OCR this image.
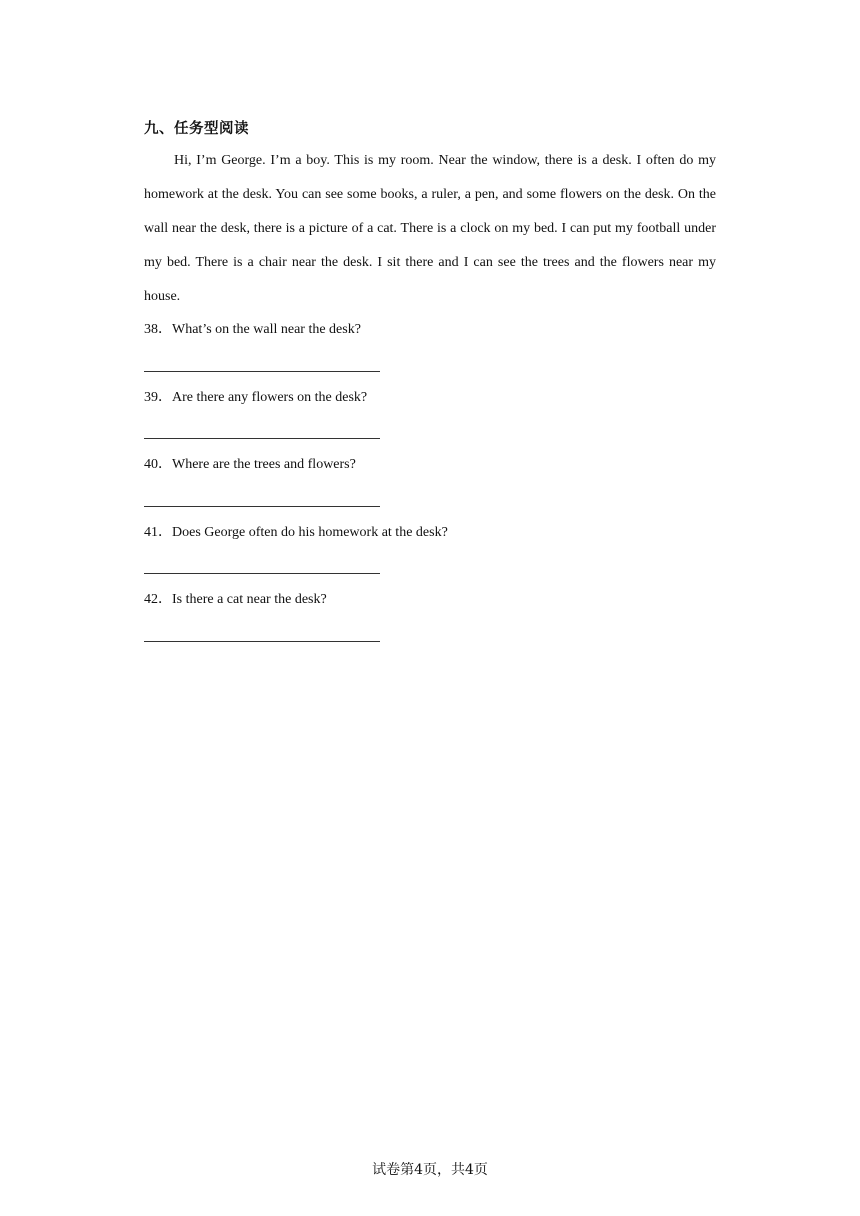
九、任务型阅读

Hi, I’m George. I’m a boy. This is my room. Near the window, there is a desk. I often do my homework at the desk. You can see some books, a ruler, a pen, and some flowers on the desk. On the wall near the desk, there is a picture of a cat. There is a clock on my bed. I can put my football under my bed. There is a chair near the desk. I sit there and I can see the trees and the flowers near my house.

38．What’s on the wall near the desk?
39．Are there any flowers on the desk?
40．Where are the trees and flowers?
41．Does George often do his homework at the desk?
42．Is there a cat near the desk?

试卷第4页，共4页
